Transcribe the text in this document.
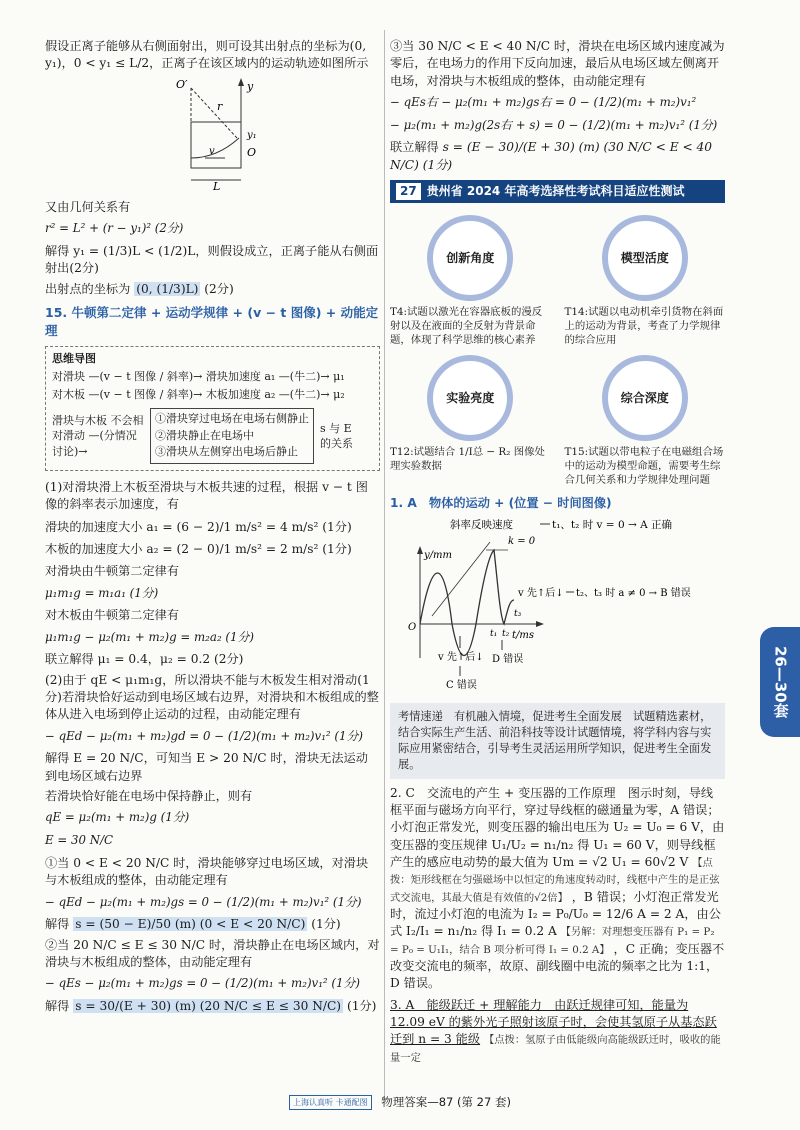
假设正离子能够从右侧面射出，则可设其出射点的坐标为(0, y₁)，0 < y₁ ≤ L/2，正离子在该区域内的运动轨迹如图所示

O′
r
y
y₁
O
v
L

又由几何关系有

r² = L² + (r − y₁)² (2分)

解得 y₁ = (1/3)L < (1/2)L，则假设成立，正离子能从右侧面射出(2分)

出射点的坐标为 (0, (1/3)L) (2分)

15. 牛顿第二定律 + 运动学规律 + (v − t 图像) + 动能定理
思维导图
对滑块 —(v − t 图像 / 斜率)→ 滑块加速度 a₁ —(牛二)→ μ₁
对木板 —(v − t 图像 / 斜率)→ 木板加速度 a₂ —(牛二)→ μ₂
滑块与木板 不会相对滑动 —(分情况讨论)→
①滑块穿过电场在电场右侧静止
②滑块静止在电场中
③滑块从左侧穿出电场后静止
s 与 E 的关系

(1)对滑块滑上木板至滑块与木板共速的过程，根据 v − t 图像的斜率表示加速度，有

滑块的加速度大小 a₁ = (6 − 2)/1 m/s² = 4 m/s² (1分)

木板的加速度大小 a₂ = (2 − 0)/1 m/s² = 2 m/s² (1分)

对滑块由牛顿第二定律有

μ₁m₁g = m₁a₁ (1分)

对木板由牛顿第二定律有

μ₁m₁g − μ₂(m₁ + m₂)g = m₂a₂ (1分)

联立解得 μ₁ = 0.4，μ₂ = 0.2 (2分)

(2)由于 qE < μ₁m₁g，所以滑块不能与木板发生相对滑动(1分)若滑块恰好运动到电场区域右边界，对滑块和木板组成的整体从进入电场到停止运动的过程，由动能定理有

− qEd − μ₂(m₁ + m₂)gd = 0 − (1/2)(m₁ + m₂)v₁² (1分)

解得 E = 20 N/C，可知当 E > 20 N/C 时，滑块无法运动到电场区域右边界

若滑块恰好能在电场中保持静止，则有

qE = μ₂(m₁ + m₂)g (1分)
E = 30 N/C

①当 0 < E < 20 N/C 时，滑块能够穿过电场区域，对滑块与木板组成的整体，由动能定理有

− qEd − μ₂(m₁ + m₂)gs = 0 − (1/2)(m₁ + m₂)v₁² (1分)

解得 s = (50 − E)/50 (m) (0 < E < 20 N/C) (1分)

②当 20 N/C ≤ E ≤ 30 N/C 时，滑块静止在电场区域内，对滑块与木板组成的整体，由动能定理有

− qEs − μ₂(m₁ + m₂)gs = 0 − (1/2)(m₁ + m₂)v₁² (1分)

解得 s = 30/(E + 30) (m) (20 N/C ≤ E ≤ 30 N/C) (1分)

③当 30 N/C < E < 40 N/C 时，滑块在电场区域内速度减为零后，在电场力的作用下反向加速，最后从电场区域左侧离开电场，对滑块与木板组成的整体，由动能定理有

− qEs右 − μ₂(m₁ + m₂)gs右 = 0 − (1/2)(m₁ + m₂)v₁²
− μ₂(m₁ + m₂)g(2s右 + s) = 0 − (1/2)(m₁ + m₂)v₁² (1分)

联立解得 s = (E − 30)/(E + 30) (m) (30 N/C < E < 40 N/C) (1分)

27 贵州省 2024 年高考选择性考试科目适应性测试
创新角度
T4:试题以激光在容器底板的漫反射以及在液面的全反射为背景命题，体现了科学思维的核心素养
模型活度
T14:试题以电动机牵引货物在斜面上的运动为背景，考查了力学规律的综合应用
实验亮度
T12:试题结合 1/I总 − R₂ 图像处理实验数据
综合深度
T15:试题以带电粒子在电磁组合场中的运动为模型命题，需要考生综合几何关系和力学规律处理问题

1. A　物体的运动 + (位置 − 时间图像)

斜率反映速度
k = 0
t₁、t₂ 时 v = 0 → A 正确
y/mm
t/ms
O
t₁ t₂
t₃
v 先↑后↓ t₂、t₃ 时 a ≠ 0 → B 错误
v 先↑后↓ D 错误
C 错误
考情速递　有机融入情境，促进考生全面发展　试题精选素材，结合实际生产生活、前沿科技等设计试题情境，将学科内容与实际应用紧密结合，引导考生灵活运用所学知识，促进考生全面发展。

2. C　交流电的产生 + 变压器的工作原理　图示时刻，导线框平面与磁场方向平行，穿过导线框的磁通量为零，A 错误；小灯泡正常发光，则变压器的输出电压为 U₂ = U₀ = 6 V，由变压器的变压规律 U₁/U₂ = n₁/n₂ 得 U₁ = 60 V，则导线框产生的感应电动势的最大值为 Um = √2 U₁ = 60√2 V 【点拨：矩形线框在匀强磁场中以恒定的角速度转动时，线框中产生的是正弦式交流电，其最大值是有效值的√2倍】 ，B 错误；小灯泡正常发光时，流过小灯泡的电流为 I₂ = P₀/U₀ = 12/6 A = 2 A，由公式 I₂/I₁ = n₁/n₂ 得 I₁ = 0.2 A 【另解：对理想变压器有 P₁ = P₂ = P₀ = U₁I₁，结合 B 项分析可得 I₁ = 0.2 A】 ，C 正确；变压器不改变交流电的频率，故原、副线圈中电流的频率之比为 1:1，D 错误。

3. A　能级跃迁 + 理解能力　由跃迁规律可知，能量为 12.09 eV 的紫外光子照射该原子时，会使其氢原子从基态跃迁到 n = 3 能级 【点拨：氢原子由低能级向高能级跃迁时，吸收的能量一定

26—30套
上海认真听 卡通配图 物理答案—87 (第 27 套)
